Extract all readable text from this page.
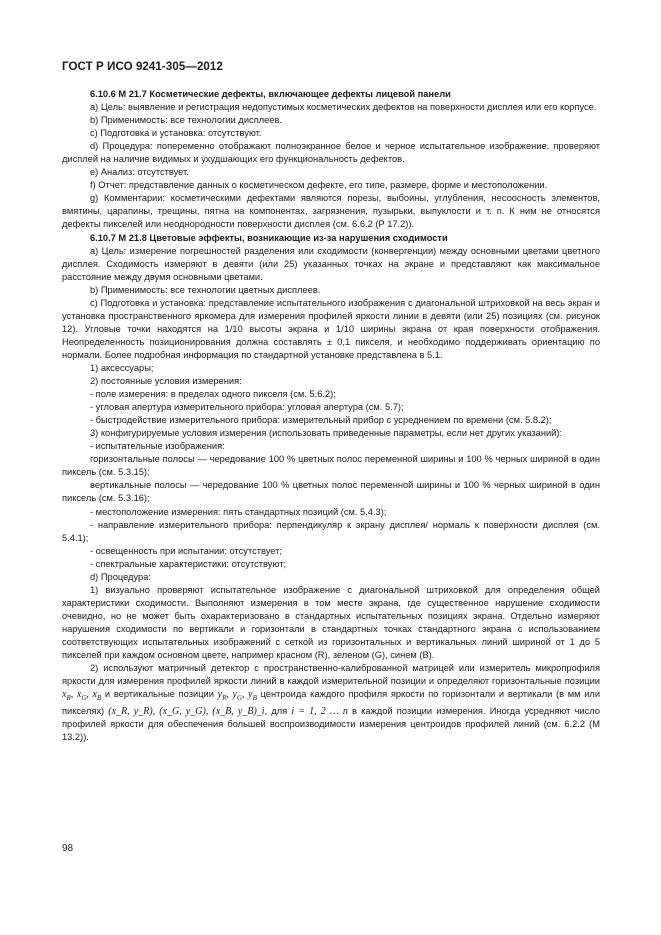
ГОСТ Р ИСО 9241-305—2012

6.10.6 М 21.7 Косметические дефекты, включающее дефекты лицевой панели

a) Цель: выявление и регистрация недопустимых косметических дефектов на поверхности дисплея или его корпусе.

b) Применимость: все технологии дисплеев.

c) Подготовка и установка: отсутствуют.

d) Процедура: попеременно отображают полноэкранное белое и черное испытательное изображение, проверяют дисплей на наличие видимых и ухудшающих его функциональность дефектов.

e) Анализ: отсутствует.

f) Отчет: представление данных о косметическом дефекте, его типе, размере, форме и местоположении.

g) Комментарии: косметическими дефектами являются порезы, выбоины, углубления, несоосность элементов, вмятины, царапины, трещины, пятна на компонентах, загрязнения, пузырьки, выпуклости и т. п. К ним не относятся дефекты пикселей или неоднородности поверхности дисплея (см. 6.6.2 (Р 17.2)).

6.10.7 М 21.8 Цветовые эффекты, возникающие из-за нарушения сходимости

a) Цель: измерение погрешностей разделения или сходимости (конвергенции) между основными цветами цветного дисплея. Сходимость измеряют в девяти (или 25) указанных точках на экране и представляют как максимальное расстояние между двумя основными цветами.

b) Применимость: все технологии цветных дисплеев.

c) Подготовка и установка: представление испытательного изображения с диагональной штриховкой на весь экран и установка пространственного яркомера для измерения профилей яркости линии в девяти (или 25) позициях (см. рисунок 12). Угловые точки находятся на 1/10 высоты экрана и 1/10 ширины экрана от края поверхности отображения. Неопределенность позиционирования должна составлять ± 0,1 пикселя, и необходимо поддерживать ориентацию по нормали. Более подробная информация по стандартной установке представлена в 5.1.

1) аксессуары;

2) постоянные условия измерения:

- поле измерения: в пределах одного пикселя (см. 5.6.2);

- угловая апертура измерительного прибора: угловая апертура (см. 5.7);

- быстродействие измерительного прибора: измерительный прибор с усреднением по времени (см. 5.8.2);

3) конфигурируемые условия измерения (использовать приведенные параметры, если нет других указаний):

- испытательные изображения:

горизонтальные полосы — чередование 100 % цветных полос переменной ширины и 100 % черных шириной в один пиксель (см. 5.3.15);

вертикальные полосы — чередование 100 % цветных полос переменной ширины и 100 % черных шириной в один пиксель (см. 5.3.16);

- местоположение измерения: пять стандартных позиций (см. 5.4.3);

- направление измерительного прибора: перпендикуляр к экрану дисплея/ нормаль к поверхности дисплея (см. 5.4.1);

- освещенность при испытании: отсутствует;

- спектральные характеристики: отсутствуют;

d) Процедура:

1) визуально проверяют испытательное изображение с диагональной штриховкой для определения общей характеристики сходимости. Выполняют измерения в том месте экрана, где существенное нарушение сходимости очевидно, но не может быть охарактеризовано в стандартных испытательных позициях экрана. Отдельно измеряют нарушения сходимости по вертикали и горизонтали в стандартных точках стандартного экрана с использованием соответствующих испытательных изображений с сеткой из горизонтальных и вертикальных линий шириной от 1 до 5 пикселей при каждом основном цвете, например красном (R), зеленом (G), синем (B).

2) используют матричный детектор с пространственно-калиброванной матрицей или измеритель микропрофиля яркости для измерения профилей яркости линий в каждой измерительной позиции и определяют горизонтальные позиции $x_R$, $x_G$, $x_B$ и вертикальные позиции $y_R$, $y_G$, $y_B$ центроида каждого профиля яркости по горизонтали и вертикали (в мм или пикселях) (x_R, y_R), (x_G, y_G), (x_B, y_B)_i, для i = 1, 2 … n в каждой позиции измерения. Иногда усредняют число профилей яркости для обеспечения большей воспроизводимости измерения центроидов профилей линий (см. 6.2.2 (М 13.2)).

98
